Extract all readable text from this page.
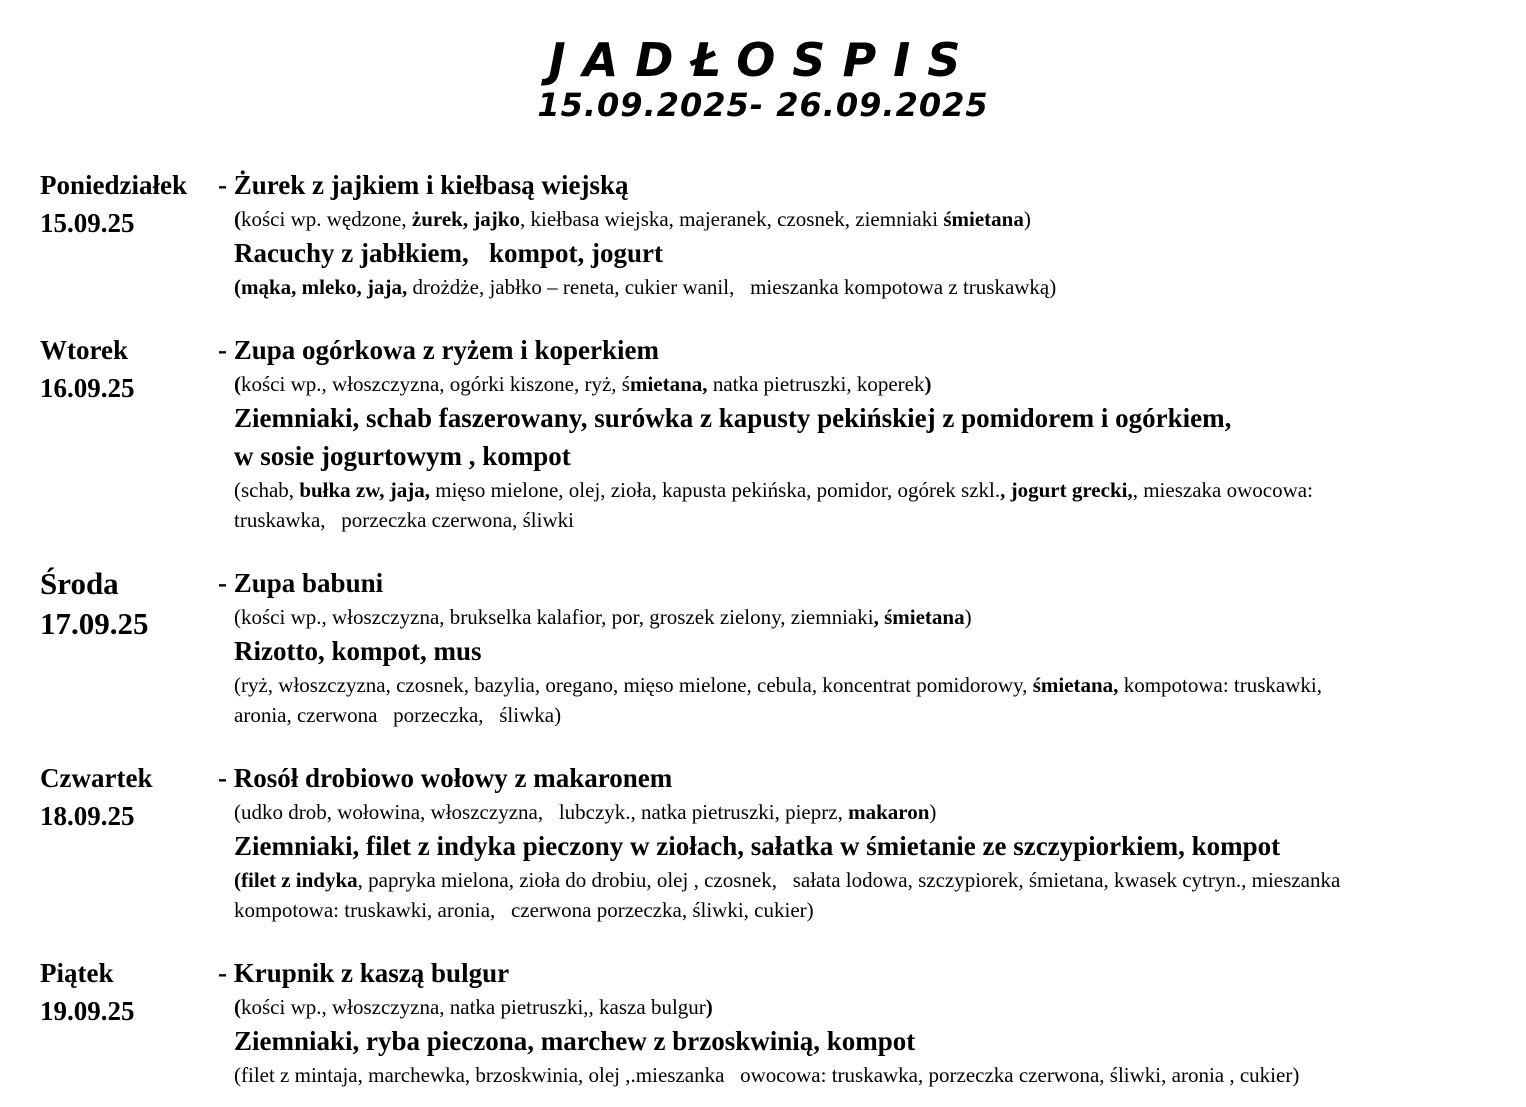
JADŁOSPIS
15.09.2025- 26.09.2025
Poniedziałek
15.09.25
- Żurek z jajkiem i kiełbasą wiejską
(kości wp. wędzone, żurek, jajko, kiełbasa wiejska, majeranek, czosnek, ziemniaki śmietana)
Racuchy z jabłkiem,   kompot, jogurt
(mąka, mleko, jaja, drożdże, jabłko – reneta, cukier wanil,   mieszanka kompotowa z truskawką)
Wtorek
16.09.25
- Zupa ogórkowa z ryżem i koperkiem
(kości wp., włoszczyzna, ogórki kiszone, ryż, śmietana, natka pietruszki, koperek)
Ziemniaki, schab faszerowany, surówka z kapusty pekińskiej z pomidorem i ogórkiem,
w sosie jogurtowym , kompot
(schab, bułka zw, jaja, mięso mielone, olej, zioła, kapusta pekińska, pomidor, ogórek szkl., jogurt grecki,, mieszaka owocowa:
truskawka,   porzeczka czerwona, śliwki
Środa
17.09.25
- Zupa babuni
(kości wp., włoszczyzna, brukselka kalafior, por, groszek zielony, ziemniaki, śmietana)
Rizotto, kompot, mus
(ryż, włoszczyzna, czosnek, bazylia, oregano, mięso mielone, cebula, koncentrat pomidorowy, śmietana, kompotowa: truskawki,
aronia, czerwona   porzeczka,   śliwka)
Czwartek
18.09.25
- Rosół drobiowo wołowy z makaronem
(udko drob, wołowina, włoszczyzna,   lubczyk., natka pietruszki, pieprz, makaron)
Ziemniaki, filet z indyka pieczony w ziołach, sałatka w śmietanie ze szczypiorkiem, kompot
(filet z indyka, papryka mielona, zioła do drobiu, olej , czosnek,   sałata lodowa, szczypiorek, śmietana, kwasek cytryn., mieszanka
kompotowa: truskawki, aronia,   czerwona porzeczka, śliwki, cukier)
Piątek
19.09.25
- Krupnik z kaszą bulgur
(kości wp., włoszczyzna, natka pietruszki,, kasza bulgur)
Ziemniaki, ryba pieczona, marchew z brzoskwinią, kompot
(filet z mintaja, marchewka, brzoskwinia, olej ,.mieszanka   owocowa: truskawka, porzeczka czerwona, śliwki, aronia , cukier)
